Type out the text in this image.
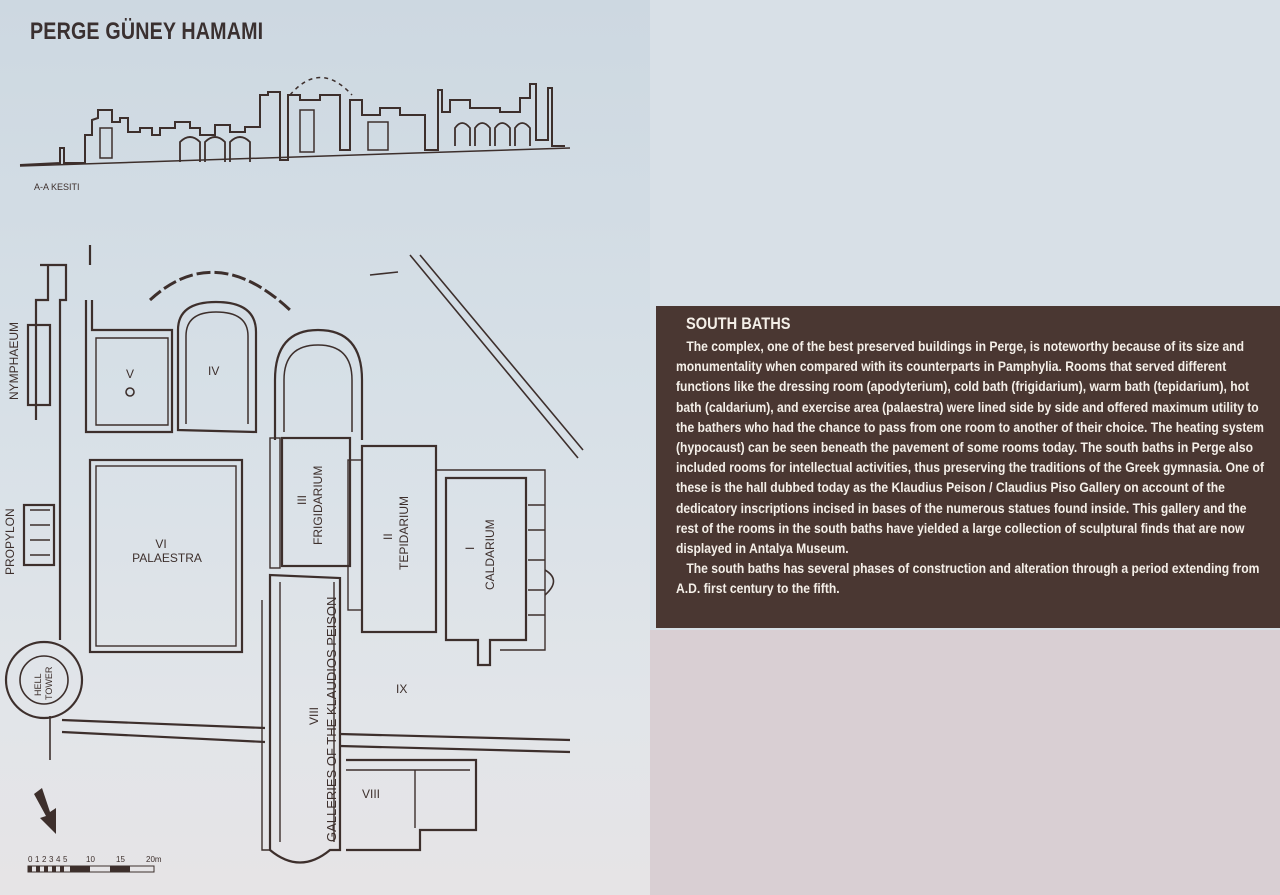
PERGE GÜNEY HAMAMI
A-A KESITI
NYMPHAEUM
PROPYLON
HELL TOWER
V	IV
III FRIGIDARIUM	II TEPIDARIUM	I CALDARIUM
VI
PALAESTRA
VIII GALLERIES OF THE KLAUDIOS PEISON	IX
VIII
0 1 2 3 4 5 10	15	20m
SOUTH BATHS

The complex, one of the best preserved buildings in Perge, is noteworthy because of its size and monumentality when compared with its counterparts in Pamphylia. Rooms that served different functions like the dressing room (apodyterium), cold bath (frigidarium), warm bath (tepidarium), hot bath (caldarium), and exercise area (palaestra) were lined side by side and offered maximum utility to the bathers who had the chance to pass from one room to another of their choice. The heating system (hypocaust) can be seen beneath the pavement of some rooms today. The south baths in Perge also included rooms for intellectual activities, thus preserving the traditions of the Greek gymnasia. One of these is the hall dubbed today as the Klaudius Peison / Claudius Piso Gallery on account of the dedicatory inscriptions incised in bases of the numerous statues found inside. This gallery and the rest of the rooms in the south baths have yielded a large collection of sculptural finds that are now displayed in Antalya Museum.

The south baths has several phases of construction and alteration through a period extending from A.D. first century to the fifth.
